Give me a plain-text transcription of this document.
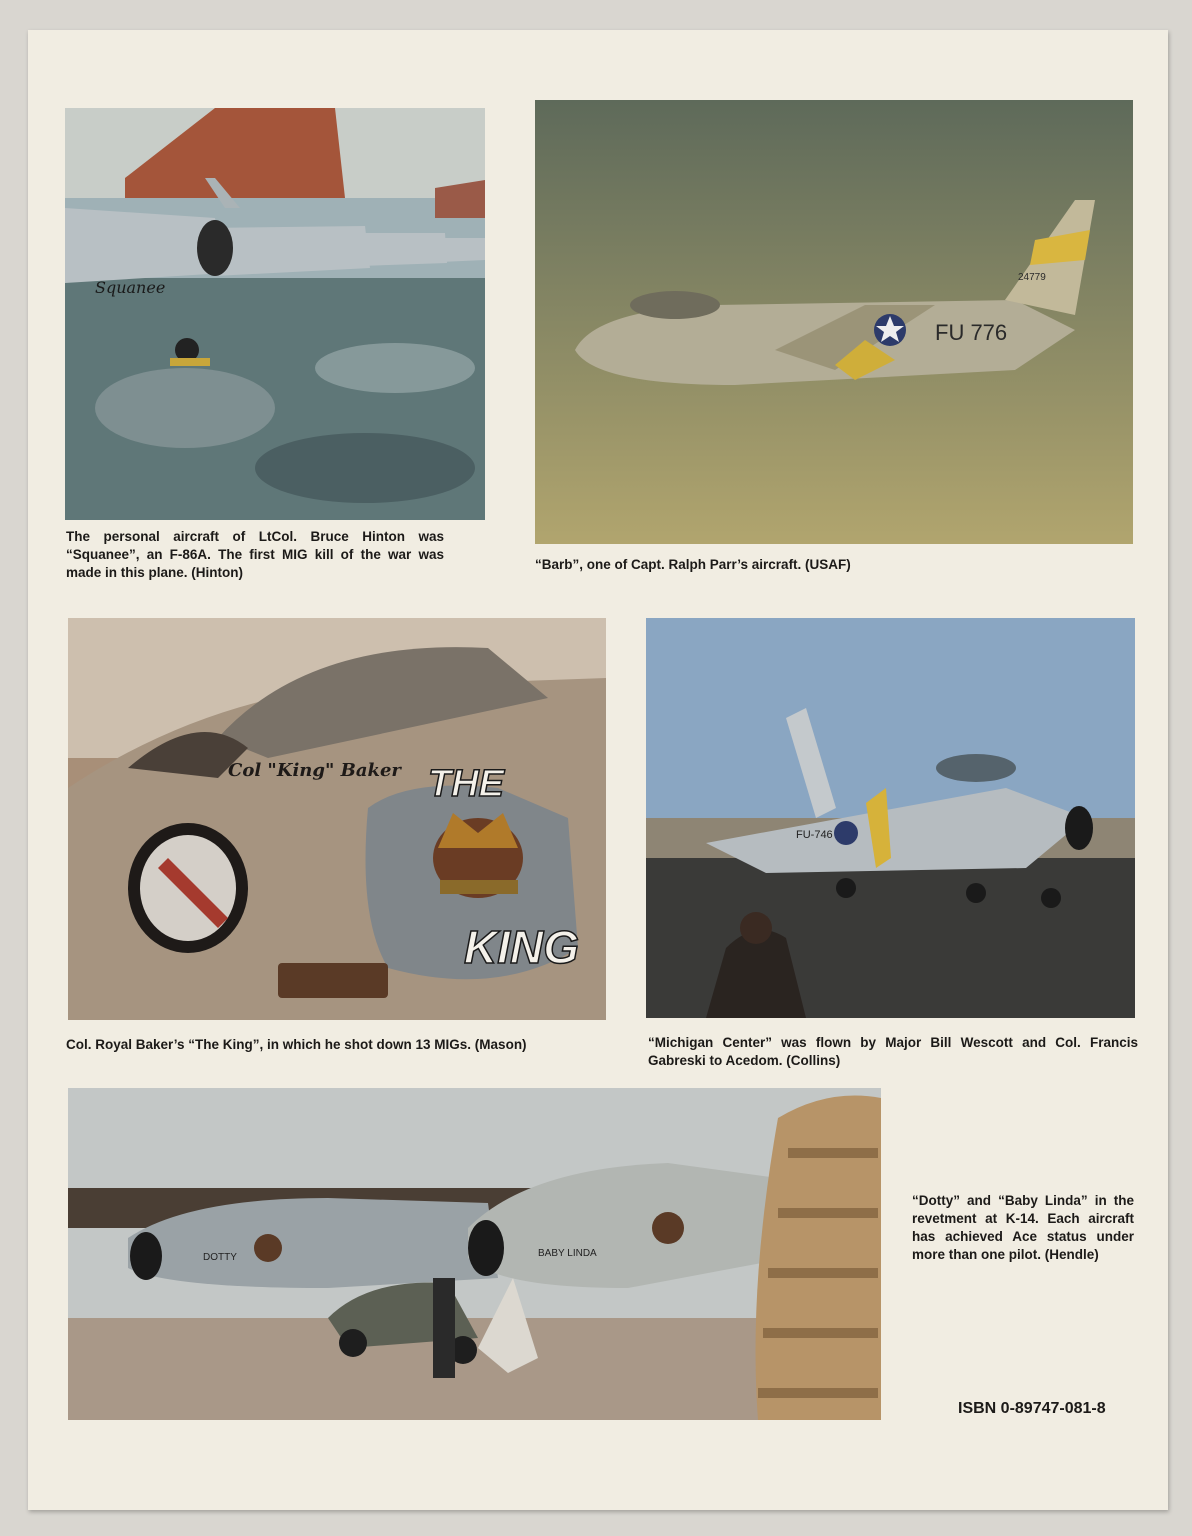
Squanee
FU 776
24779
The personal aircraft of LtCol. Bruce Hinton was “Squanee”, an F-86A. The first MIG kill of the war was made in this plane. (Hinton)
“Barb”, one of Capt. Ralph Parr’s aircraft. (USAF)
THE
KING
Col "King" Baker
FU-746
Col. Royal Baker’s “The King”, in which he shot down 13 MIGs. (Mason)	“Michigan Center” was flown by Major Bill Wescott and Col. Francis Gabreski to Acedom. (Collins)
DOTTY	BABY LINDA
“Dotty” and “Baby Linda” in the revetment at K-14. Each aircraft has achieved Ace status under more than one pilot. (Hendle)
ISBN 0-89747-081-8
